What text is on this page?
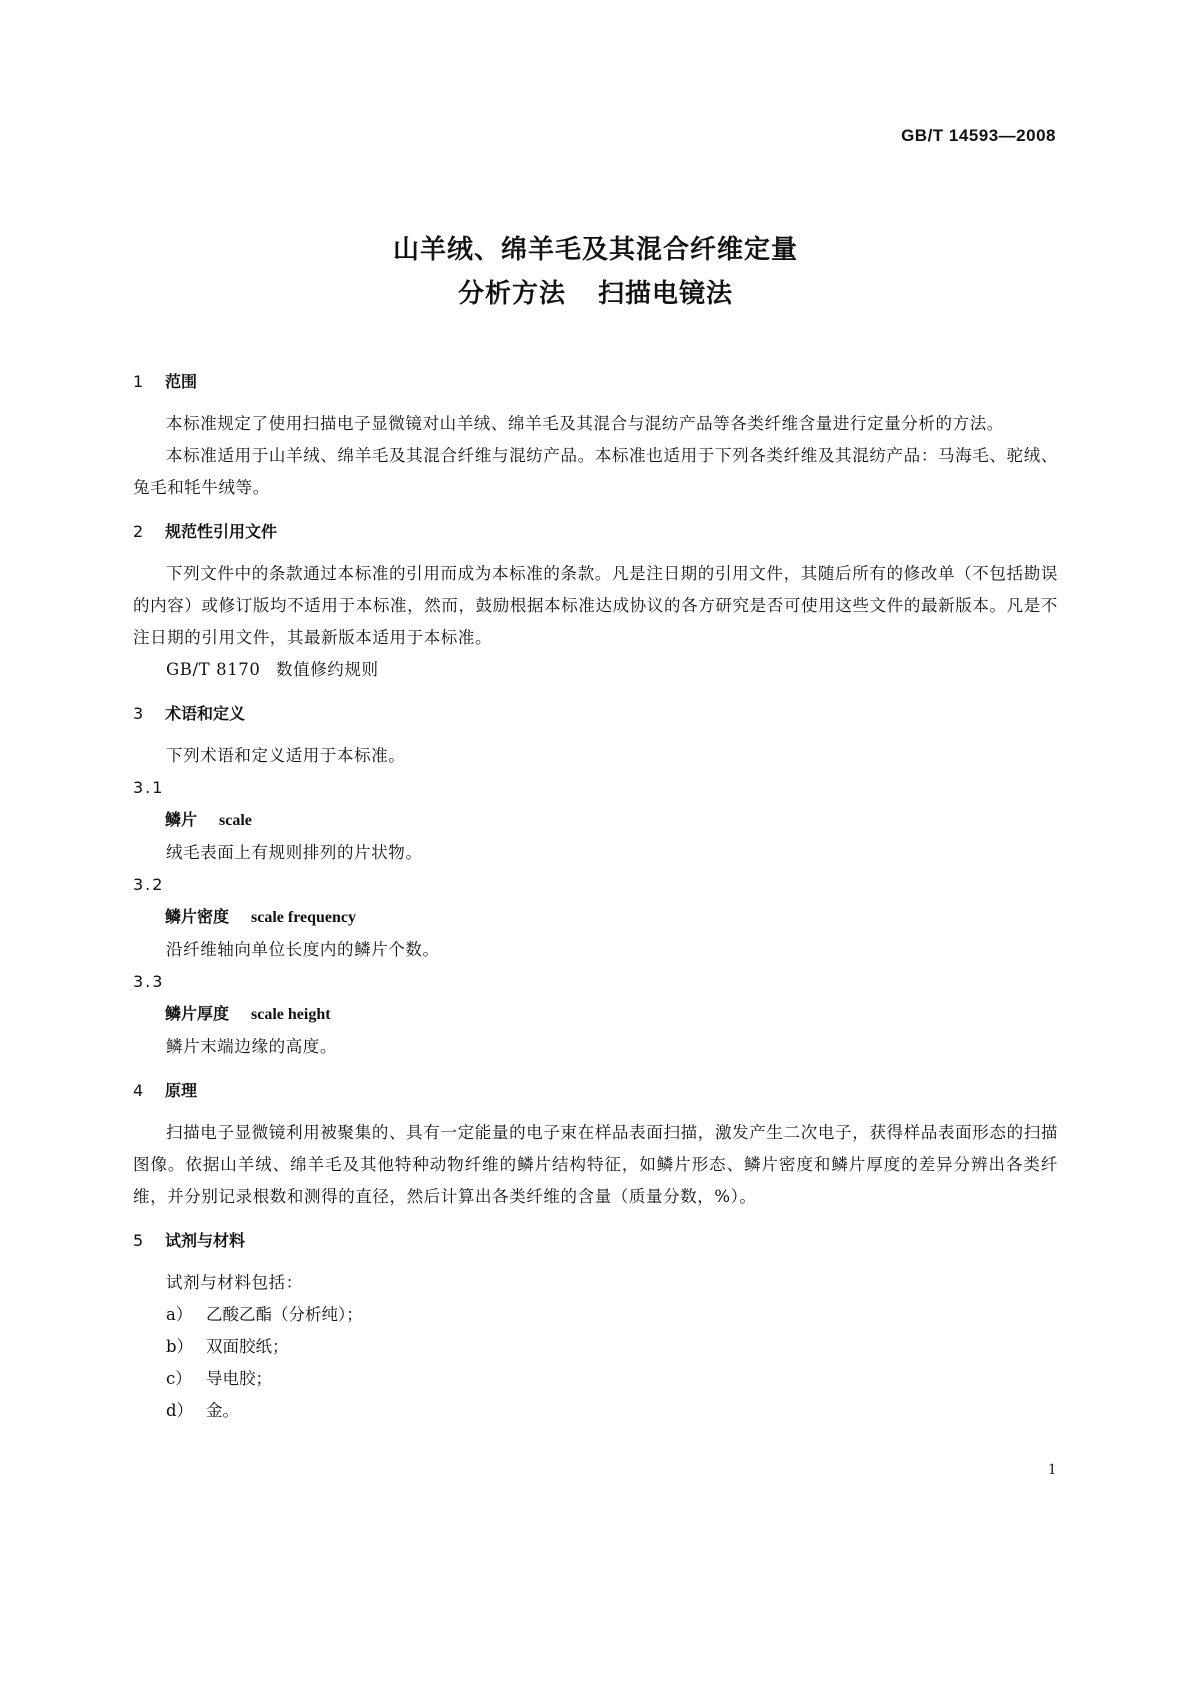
GB/T 14593—2008
山羊绒、绵羊毛及其混合纤维定量
分析方法 扫描电镜法
1 范围
本标准规定了使用扫描电子显微镜对山羊绒、绵羊毛及其混合与混纺产品等各类纤维含量进行定量分析的方法。
本标准适用于山羊绒、绵羊毛及其混合纤维与混纺产品。本标准也适用于下列各类纤维及其混纺产品：马海毛、驼绒、兔毛和牦牛绒等。
2 规范性引用文件
下列文件中的条款通过本标准的引用而成为本标准的条款。凡是注日期的引用文件，其随后所有的修改单（不包括勘误的内容）或修订版均不适用于本标准，然而，鼓励根据本标准达成协议的各方研究是否可使用这些文件的最新版本。凡是不注日期的引用文件，其最新版本适用于本标准。
GB/T 8170 数值修约规则
3 术语和定义
下列术语和定义适用于本标准。
3.1
鳞片 scale
绒毛表面上有规则排列的片状物。
3.2
鳞片密度 scale frequency
沿纤维轴向单位长度内的鳞片个数。
3.3
鳞片厚度 scale height
鳞片末端边缘的高度。
4 原理
扫描电子显微镜利用被聚集的、具有一定能量的电子束在样品表面扫描，激发产生二次电子，获得样品表面形态的扫描图像。依据山羊绒、绵羊毛及其他特种动物纤维的鳞片结构特征，如鳞片形态、鳞片密度和鳞片厚度的差异分辨出各类纤维，并分别记录根数和测得的直径，然后计算出各类纤维的含量（质量分数，%）。
5 试剂与材料
试剂与材料包括：
a） 乙酸乙酯（分析纯）；
b） 双面胶纸；
c） 导电胶；
d） 金。
1
